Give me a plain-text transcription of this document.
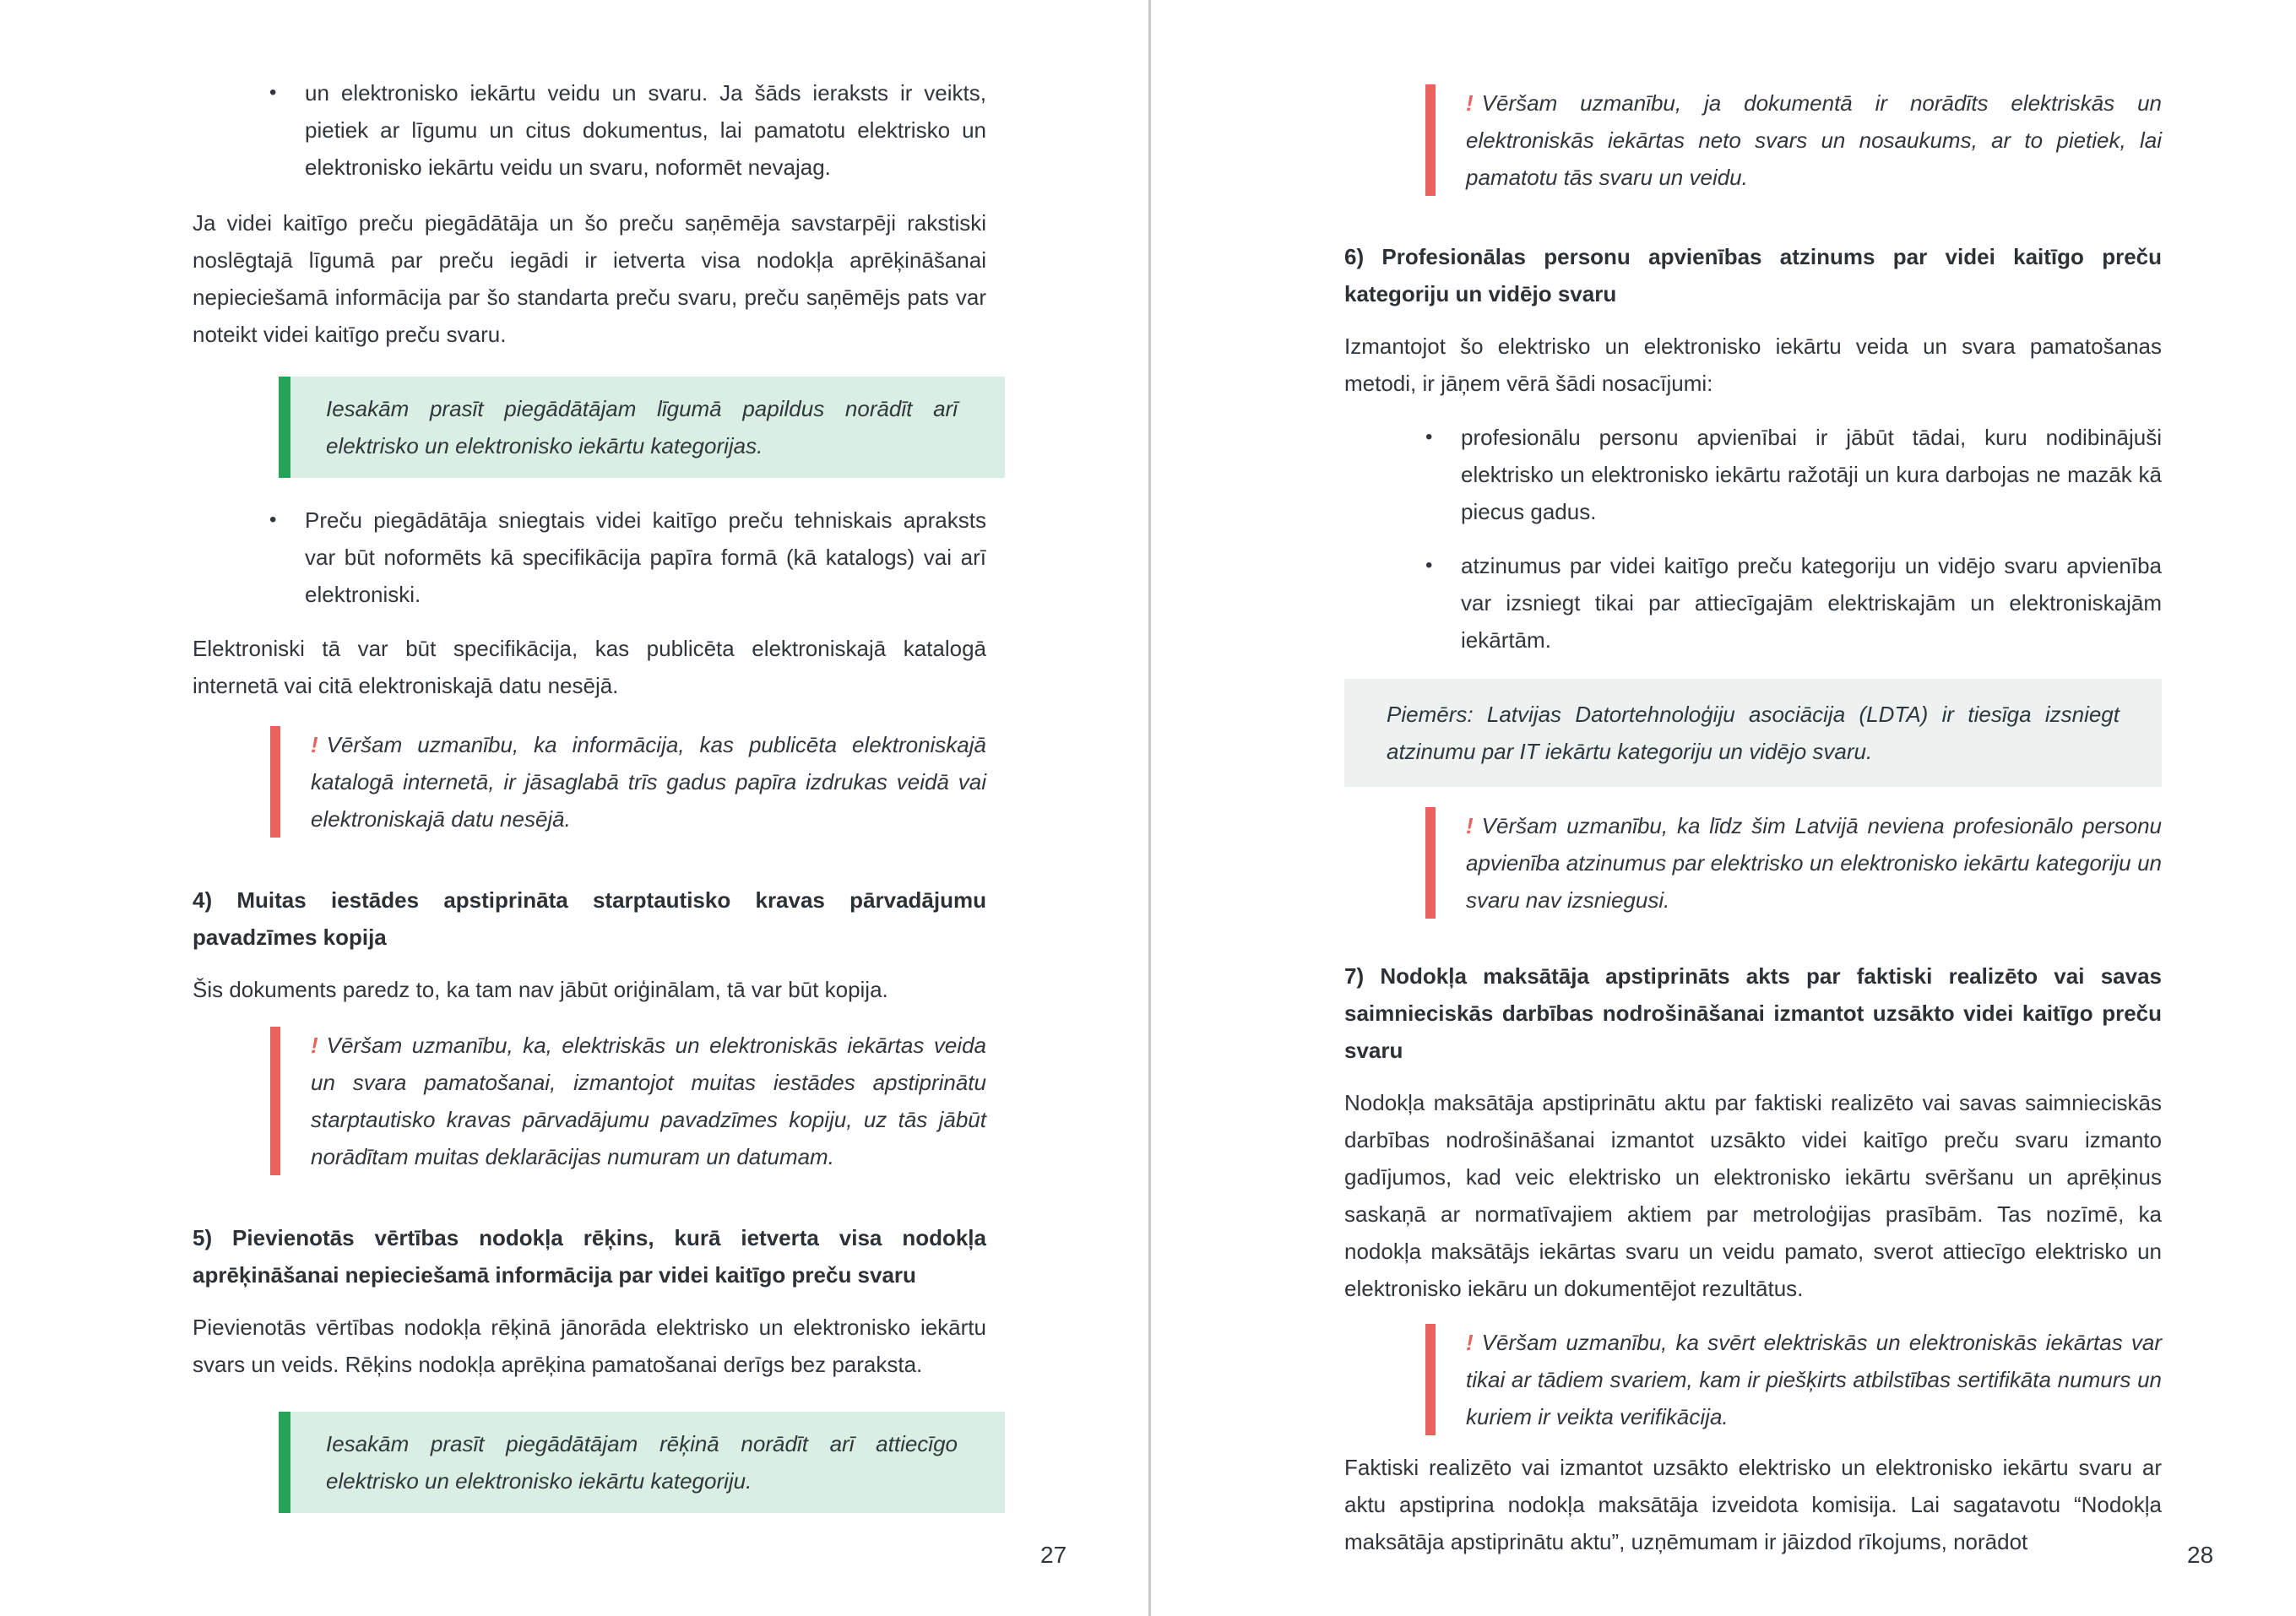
•	un elektronisko iekārtu veidu un svaru. Ja šāds ieraksts ir veikts, pietiek ar līgumu un citus dokumentus, lai pamatotu elektrisko un elektronisko iekārtu veidu un svaru, noformēt nevajag.

Ja videi kaitīgo preču piegādātāja un šo preču saņēmēja savstarpēji rakstiski noslēgtajā līgumā par preču iegādi ir ietverta visa nodokļa aprēķināšanai nepieciešamā informācija par šo standarta preču svaru, preču saņēmējs pats var noteikt videi kaitīgo preču svaru.

Iesakām prasīt piegādātājam līgumā papildus norādīt arī elektrisko un elektronisko iekārtu kategorijas.

•	Preču piegādātāja sniegtais videi kaitīgo preču tehniskais apraksts var būt noformēts kā specifikācija papīra formā (kā katalogs) vai arī elektroniski.

Elektroniski tā var būt specifikācija, kas publicēta elektroniskajā katalogā internetā vai citā elektroniskajā datu nesējā.

! Vēršam uzmanību, ka informācija, kas publicēta elektroniskajā katalogā internetā, ir jāsaglabā trīs gadus papīra izdrukas veidā vai elektroniskajā datu nesējā.

4) Muitas iestādes apstiprināta starptautisko kravas pārvadājumu pavadzīmes kopija

Šis dokuments paredz to, ka tam nav jābūt oriģinālam, tā var būt kopija.

! Vēršam uzmanību, ka, elektriskās un elektroniskās iekārtas veida un svara pamatošanai, izmantojot muitas iestādes apstiprinātu starptautisko kravas pārvadājumu pavadzīmes kopiju, uz tās jābūt norādītam muitas deklarācijas numuram un datumam.

5) Pievienotās vērtības nodokļa rēķins, kurā ietverta visa nodokļa aprēķināšanai nepieciešamā informācija par videi kaitīgo preču svaru

Pievienotās vērtības nodokļa rēķinā jānorāda elektrisko un elektronisko iekārtu svars un veids. Rēķins nodokļa aprēķina pamatošanai derīgs bez paraksta.

Iesakām prasīt piegādātājam rēķinā norādīt arī attiecīgo elektrisko un elektronisko iekārtu kategoriju.

! Vēršam uzmanību, ja dokumentā ir norādīts elektriskās un elektroniskās iekārtas neto svars un nosaukums, ar to pietiek, lai pamatotu tās svaru un veidu.

6) Profesionālas personu apvienības atzinums par videi kaitīgo preču kategoriju un vidējo svaru

Izmantojot šo elektrisko un elektronisko iekārtu veida un svara pamatošanas metodi, ir jāņem vērā šādi nosacījumi:

•	profesionālu personu apvienībai ir jābūt tādai, kuru nodibinājuši elektrisko un elektronisko iekārtu ražotāji un kura darbojas ne mazāk kā piecus gadus.

•	atzinumus par videi kaitīgo preču kategoriju un vidējo svaru apvienība var izsniegt tikai par attiecīgajām elektriskajām un elektroniskajām iekārtām.

Piemērs: Latvijas Datortehnoloģiju asociācija (LDTA) ir tiesīga izsniegt atzinumu par IT iekārtu kategoriju un vidējo svaru.

! Vēršam uzmanību, ka līdz šim Latvijā neviena profesionālo personu apvienība atzinumus par elektrisko un elektronisko iekārtu kategoriju un svaru nav izsniegusi.

7) Nodokļa maksātāja apstiprināts akts par faktiski realizēto vai savas saimnieciskās darbības nodrošināšanai izmantot uzsākto videi kaitīgo preču svaru

Nodokļa maksātāja apstiprinātu aktu par faktiski realizēto vai savas saimnieciskās darbības nodrošināšanai izmantot uzsākto videi kaitīgo preču svaru izmanto gadījumos, kad veic elektrisko un elektronisko iekārtu svēršanu un aprēķinus saskaņā ar normatīvajiem aktiem par metroloģijas prasībām. Tas nozīmē, ka nodokļa maksātājs iekārtas svaru un veidu pamato, sverot attiecīgo elektrisko un elektronisko iekāru un dokumentējot rezultātus.

! Vēršam uzmanību, ka svērt elektriskās un elektroniskās iekārtas var tikai ar tādiem svariem, kam ir piešķirts atbilstības sertifikāta numurs un kuriem ir veikta verifikācija.

Faktiski realizēto vai izmantot uzsākto elektrisko un elektronisko iekārtu svaru ar aktu apstiprina nodokļa maksātāja izveidota komisija. Lai sagatavotu “Nodokļa maksātāja apstiprinātu aktu”, uzņēmumam ir jāizdod rīkojums, norādot

27	28
